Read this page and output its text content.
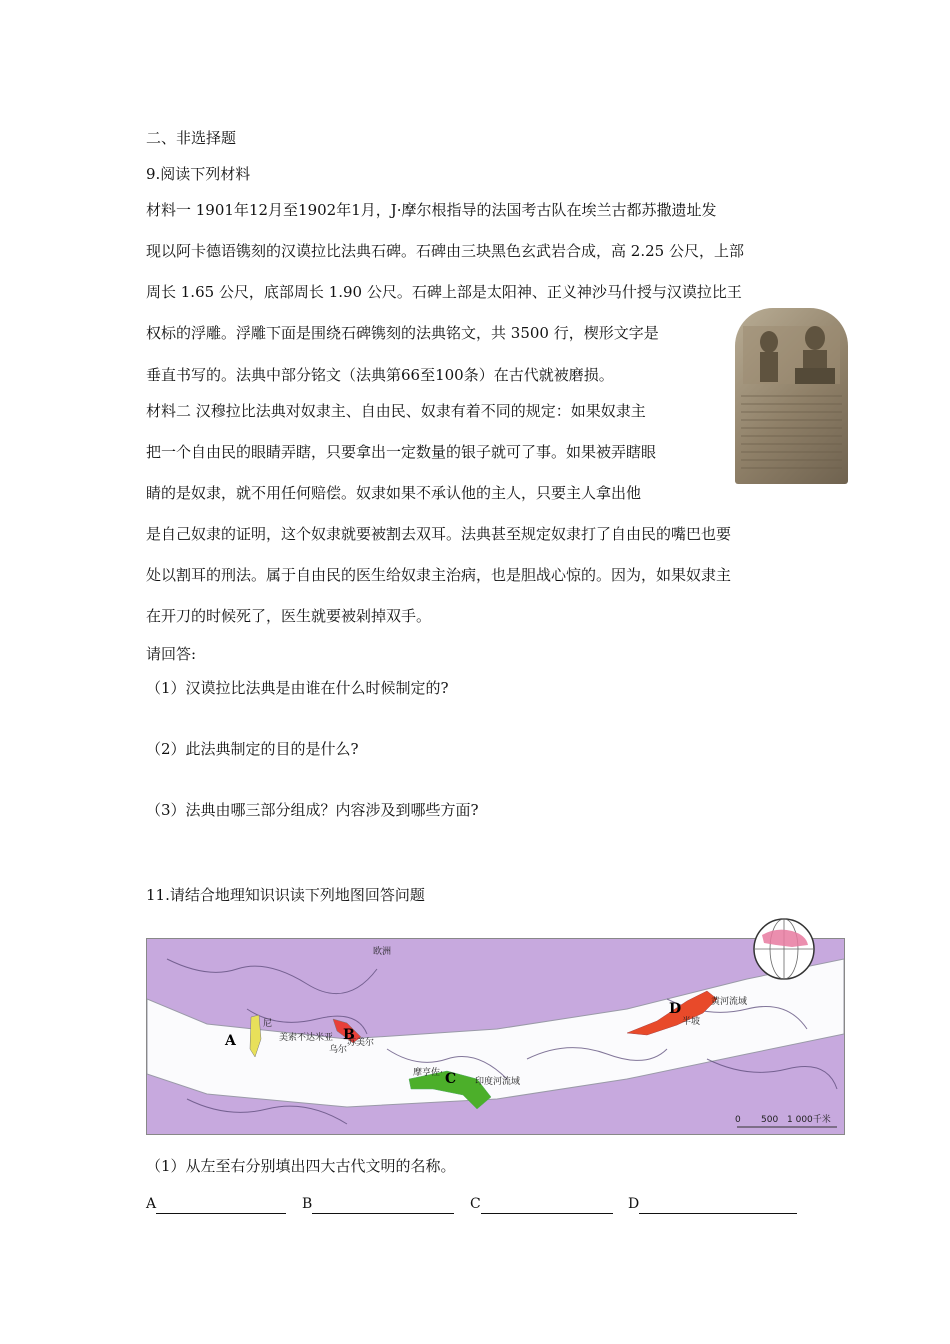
二、非选择题
9.阅读下列材料
材料一 1901年12月至1902年1月，J·摩尔根指导的法国考古队在埃兰古都苏撒遗址发
现以阿卡德语镌刻的汉谟拉比法典石碑。石碑由三块黑色玄武岩合成，高 2.25 公尺，上部
周长 1.65 公尺，底部周长 1.90 公尺。石碑上部是太阳神、正义神沙马什授与汉谟拉比王
权标的浮雕。浮雕下面是围绕石碑镌刻的法典铭文，共 3500 行，楔形文字是
垂直书写的。法典中部分铭文（法典第66至100条）在古代就被磨损。
材料二 汉穆拉比法典对奴隶主、自由民、奴隶有着不同的规定：如果奴隶主
把一个自由民的眼睛弄瞎，只要拿出一定数量的银子就可了事。如果被弄瞎眼
睛的是奴隶，就不用任何赔偿。奴隶如果不承认他的主人，只要主人拿出他
是自己奴隶的证明，这个奴隶就要被割去双耳。法典甚至规定奴隶打了自由民的嘴巴也要
处以割耳的刑法。属于自由民的医生给奴隶主治病，也是胆战心惊的。因为，如果奴隶主
在开刀的时候死了，医生就要被剁掉双手。
请回答:
（1）汉谟拉比法典是由谁在什么时候制定的?
（2）此法典制定的目的是什么?
（3）法典由哪三部分组成？内容涉及到哪些方面?
11.请结合地理知识识读下列地图回答问题
欧洲
美索不达米亚 苏美尔
乌尔
摩亨佐·
印度河流域
黄河流域
半坡
尼
0 500 1 000千米
A	B
C
D
（1）从左至右分别填出四大古代文明的名称。
A	B	C	D
